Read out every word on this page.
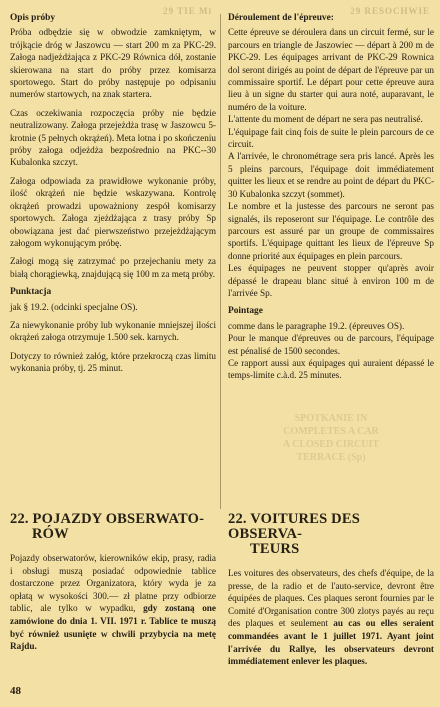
29 TIE Mi	29 RESOCHWIE

Opis próby

Próba odbędzie się w obwodzie zamkniętym, w trójkącie dróg w Jaszowcu — start 200 m za PKC-29. Załoga nadjeżdżająca z PKC-29 Równica dół, zostanie skierowana na start do próby przez komisarza sportowego. Start do próby następuje po odpisaniu numerów startowych, na znak startera.

Czas oczekiwania rozpoczęcia próby nie będzie neutralizowany. Załoga przejeżdża trasę w Jaszowcu 5-krotnie (5 pełnych okrążeń). Meta lotna i po skończeniu próby załoga odjeżdża bezpośrednio na PKC--30 Kubalonka szczyt.

Załoga odpowiada za prawidłowe wykonanie próby, ilość okrążeń nie będzie wskazywana. Kontrolę okrążeń prowadzi upoważniony zespół komisarzy sportowych. Załoga zjeżdżająca z trasy próby Sp obowiązana jest dać pierwszeństwo przejeżdżającym załogom wykonującym próbę.

Załogi mogą się zatrzymać po przejechaniu mety za białą chorągiewką, znajdującą się 100 m za metą próby.

Punktacja

jak § 19.2. (odcinki specjalne OS).

Za niewykonanie próby lub wykonanie mniejszej ilości okrążeń załoga otrzymuje 1.500 sek. karnych.

Dotyczy to również załóg, które przekroczą czas limitu wykonania próby, tj. 25 minut.

Déroulement de l'épreuve:

Cette épreuve se déroulera dans un circuit fermé, sur le parcours en triangle de Jaszowiec — départ à 200 m de PKC-29. Les équipages arrivant de PKC-29 Rownica dol seront dirigés au point de départ de l'épreuve par un commissaire sportif. Le départ pour cette épreuve aura lieu à un signe du starter qui aura noté, auparavant, le numéro de la voiture.

L'attente du moment de départ ne sera pas neutralisé.

L'équipage fait cinq fois de suite le plein parcours de ce circuit.

A l'arrivée, le chronométrage sera pris lancé. Après les 5 pleins parcours, l'équipage doit immédiatement quitter les lieux et se rendre au point de départ du PKC-30 Kubalonka szczyt (sommet).

Le nombre et la justesse des parcours ne seront pas signalés, ils reposeront sur l'équipage. Le contrôle des parcours est assuré par un groupe de commissaires sportifs. L'équipage quittant les lieux de l'épreuve Sp donne priorité aux équipages en plein parcours.

Les équipages ne peuvent stopper qu'après avoir dépassé le drapeau blanc situé à environ 100 m de l'arrivée Sp.

Pointage

comme dans le paragraphe 19.2. (épreuves OS).

Pour le manque d'épreuves ou de parcours, l'équipage est pénalisé de 1500 secondes.

Ce rapport aussi aux équipages qui auraient dépassé le temps-limite c.à.d. 25 minutes.

SPOTKANIE IN
COMPLETES A CAR
A CLOSED CIRCUIT
TERRACE (Sp)
22. POJAZDY OBSERWATO-
RÓW

Pojazdy obserwatorów, kierowników ekip, prasy, radia i obsługi muszą posiadać odpowiednie tablice dostarczone przez Organizatora, który wyda je za opłatą w wysokości 300.— zł platne przy odbiorze tablic, ale tylko w wypadku, gdy zostaną one zamówione do dnia 1. VII. 1971 r. Tablice te muszą być również usunięte w chwili przybycia na metę Rajdu.

22. VOITURES DES OBSERVA-
TEURS

Les voitures des observateurs, des chefs d'équipe, de la presse, de la radio et de l'auto-service, devront être équipées de plaques. Ces plaques seront fournies par le Comité d'Organisation contre 300 zlotys payés au reçu des plaques et seulement au cas ou elles seraient commandées avant le 1 juillet 1971. Ayant joint l'arrivée du Rallye, les observateurs devront immédiatement enlever les plaques.

48
